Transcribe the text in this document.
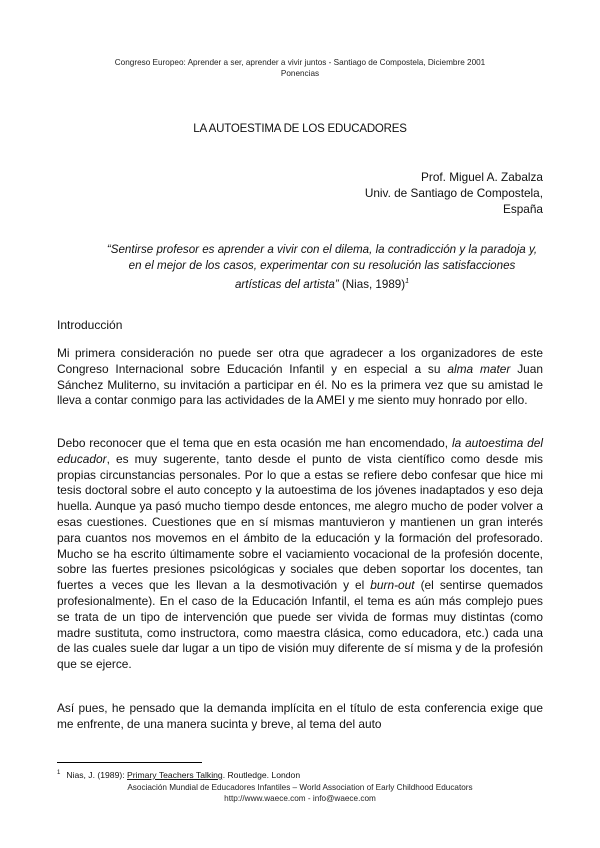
Congreso Europeo: Aprender a ser, aprender a vivir juntos - Santiago de Compostela, Diciembre 2001
Ponencias
LA AUTOESTIMA DE LOS EDUCADORES
Prof. Miguel A. Zabalza
Univ. de Santiago de Compostela,
España
“Sentirse profesor es aprender a vivir con el dilema, la contradicción y la paradoja y, en el mejor de los casos, experimentar con su resolución las satisfacciones artísticas del artista” (Nias, 1989)$^1$
Introducción
Mi primera consideración no puede ser otra que agradecer a los organizadores de este Congreso Internacional sobre Educación Infantil y en especial a su alma mater Juan Sánchez Muliterno, su invitación a participar en él. No es la primera vez que su amistad le lleva a contar conmigo para las actividades de la AMEI y me siento muy honrado por ello.
Debo reconocer que el tema que en esta ocasión me han encomendado, la autoestima del educador, es muy sugerente, tanto desde el punto de vista científico como desde mis propias circunstancias personales. Por lo que a estas se refiere debo confesar que hice mi tesis doctoral sobre el auto concepto y la autoestima de los jóvenes inadaptados y eso deja huella. Aunque ya pasó mucho tiempo desde entonces, me alegro mucho de poder volver a esas cuestiones. Cuestiones que en sí mismas mantuvieron y mantienen un gran interés para cuantos nos movemos en el ámbito de la educación y la formación del profesorado. Mucho se ha escrito últimamente sobre el vaciamiento vocacional de la profesión docente, sobre las fuertes presiones psicológicas y sociales que deben soportar los docentes, tan fuertes a veces que les llevan a la desmotivación y el burn-out (el sentirse quemados profesionalmente). En el caso de la Educación Infantil, el tema es aún más complejo pues se trata de un tipo de intervención que puede ser vivida de formas muy distintas (como madre sustituta, como instructora, como maestra clásica, como educadora, etc.) cada una de las cuales suele dar lugar a un tipo de visión muy diferente de sí misma y de la profesión que se ejerce.
Así pues, he pensado que la demanda implícita en el título de esta conferencia exige que me enfrente, de una manera sucinta y breve, al tema del auto
$^1$ Nias, J. (1989): Primary Teachers Talking. Routledge. London
Asociación Mundial de Educadores Infantiles – World Association of Early Childhood Educators
http://www.waece.com - info@waece.com
